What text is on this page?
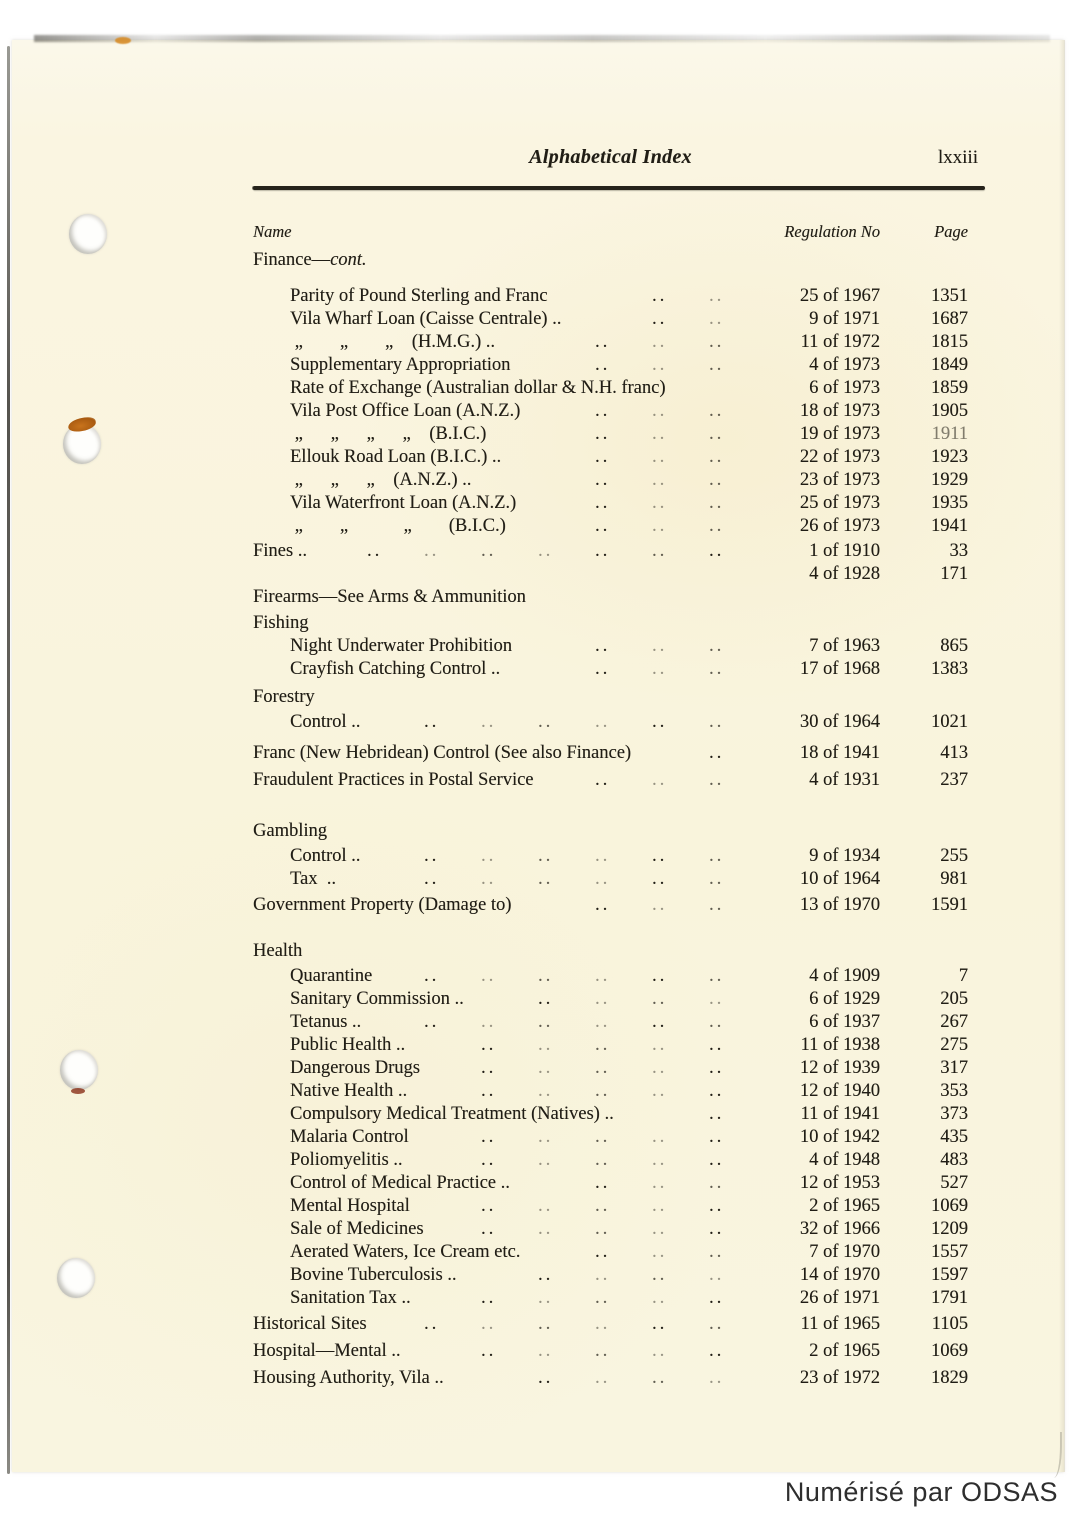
Alphabetical Index	lxxiii
Name	Regulation No	Page
Finance—cont.
Parity of Pound Sterling and Franc	..	..	25 of 1967	1351
Vila Wharf Loan (Caisse Centrale) ..	..	..	9 of 1971	1687
„  „  „ (H.M.G.) ..	..	..	..	11 of 1972	1815
Supplementary Appropriation	..	..	..	4 of 1973	1849
Rate of Exchange (Australian dollar & N.H. franc)	6 of 1973	1859
Vila Post Office Loan (A.N.Z.)	..	..	..	18 of 1973	1905
„  „  „  „ (B.I.C.)	..	..	..	19 of 1973	1911
Ellouk Road Loan (B.I.C.) ..	..	..	..	22 of 1973	1923
„  „  „ (A.N.Z.) ..	..	..	..	23 of 1973	1929
Vila Waterfront Loan (A.N.Z.)	..	..	..	25 of 1973	1935
„  „   „  (B.I.C.)	..	..	..	26 of 1973	1941
Fines ..	..	..	..	..	..	..	..	1 of 1910	33
4 of 1928	171
Firearms—See Arms & Ammunition
Fishing
Night Underwater Prohibition	..	..	..	7 of 1963	865
Crayfish Catching Control ..	..	..	..	17 of 1968	1383
Forestry
Control ..	..	..	..	..	..	..	30 of 1964	1021
Franc (New Hebridean) Control (See also Finance)	..	18 of 1941	413
Fraudulent Practices in Postal Service	..	..	..	4 of 1931	237
Gambling
Control ..	..	..	..	..	..	..	9 of 1934	255
Tax ..	..	..	..	..	..	..	10 of 1964	981
Government Property (Damage to)	..	..	..	13 of 1970	1591
Health
Quarantine	..	..	..	..	..	..	4 of 1909	7
Sanitary Commission ..	..	..	..	..	6 of 1929	205
Tetanus ..	..	..	..	..	..	..	6 of 1937	267
Public Health ..	..	..	..	..	..	11 of 1938	275
Dangerous Drugs	..	..	..	..	..	12 of 1939	317
Native Health ..	..	..	..	..	..	12 of 1940	353
Compulsory Medical Treatment (Natives) ..	..	11 of 1941	373
Malaria Control	..	..	..	..	..	10 of 1942	435
Poliomyelitis ..	..	..	..	..	..	4 of 1948	483
Control of Medical Practice ..	..	..	..	12 of 1953	527
Mental Hospital	..	..	..	..	..	2 of 1965	1069
Sale of Medicines	..	..	..	..	..	32 of 1966	1209
Aerated Waters, Ice Cream etc.	..	..	..	7 of 1970	1557
Bovine Tuberculosis ..	..	..	..	..	14 of 1970	1597
Sanitation Tax ..	..	..	..	..	..	26 of 1971	1791
Historical Sites	..	..	..	..	..	..	11 of 1965	1105
Hospital—Mental ..	..	..	..	..	..	2 of 1965	1069
Housing Authority, Vila ..	..	..	..	..	23 of 1972	1829
Numérisé par ODSAS
